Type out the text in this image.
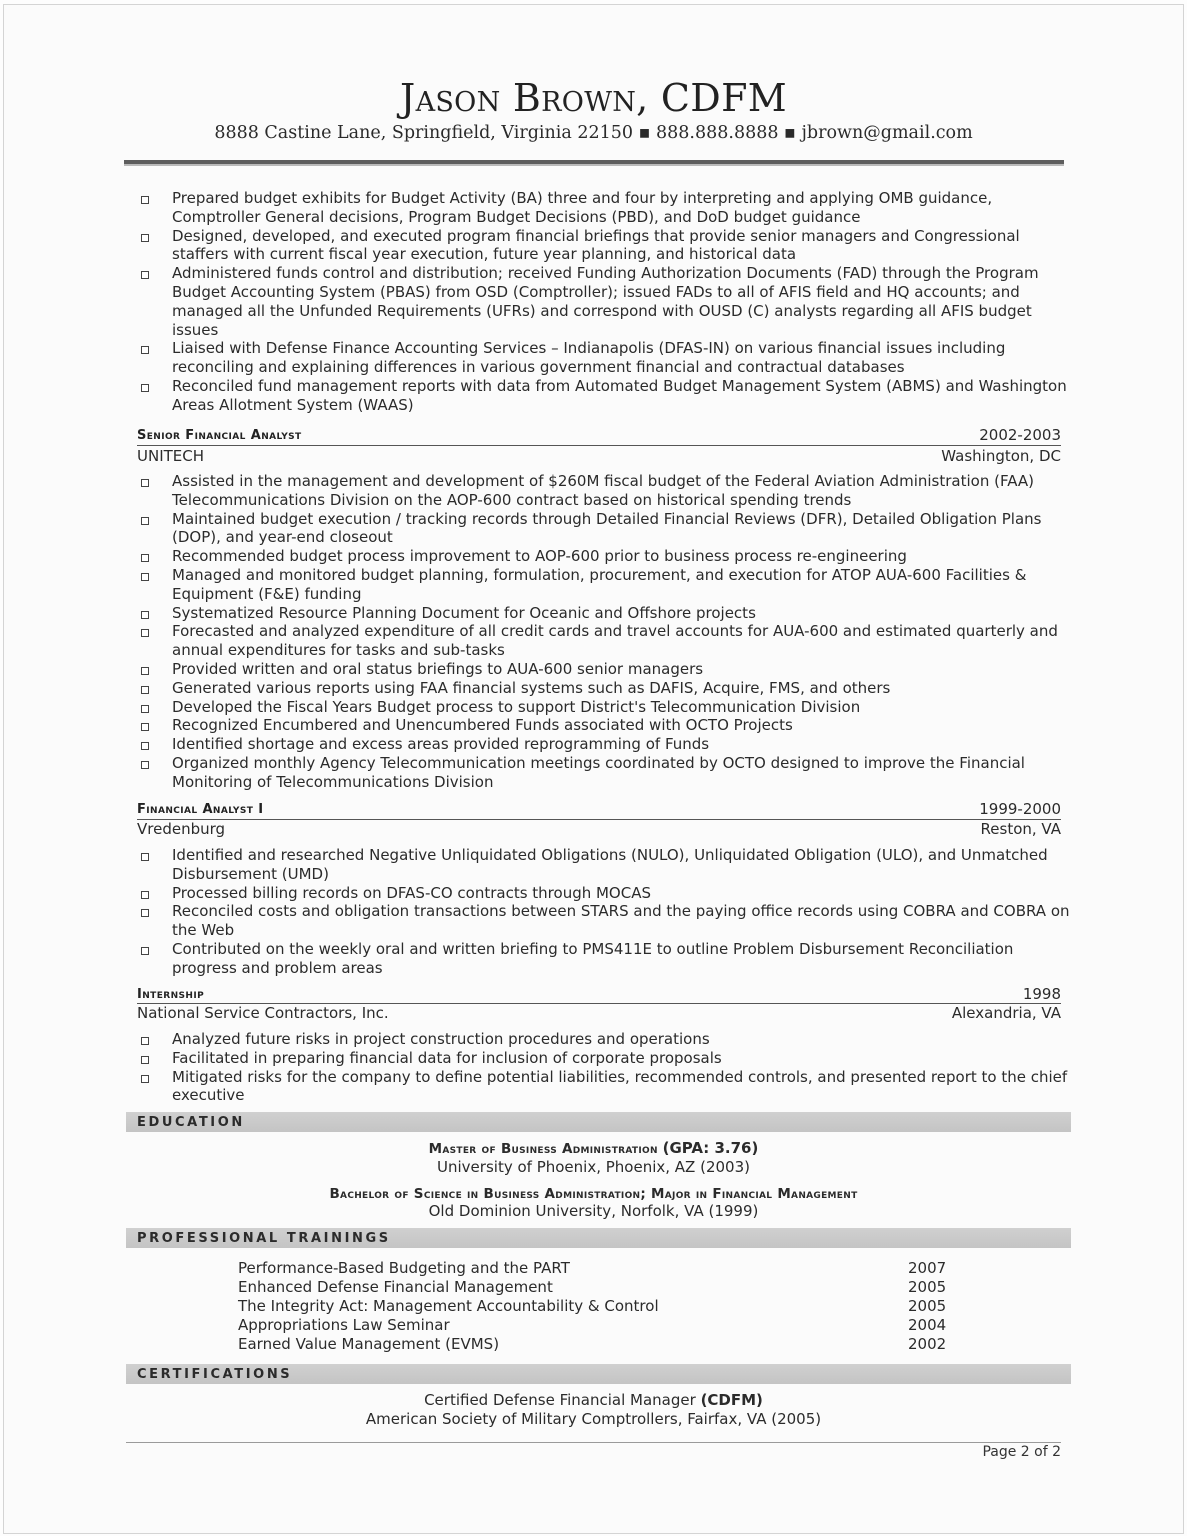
Jason Brown, CDFM
8888 Castine Lane, Springfield, Virginia 22150 ▪ 888.888.8888 ▪ jbrown@gmail.com
Prepared budget exhibits for Budget Activity (BA) three and four by interpreting and applying OMB guidance, Comptroller General decisions, Program Budget Decisions (PBD), and DoD budget guidance
Designed, developed, and executed program financial briefings that provide senior managers and Congressional staffers with current fiscal year execution, future year planning, and historical data
Administered funds control and distribution; received Funding Authorization Documents (FAD) through the Program Budget Accounting System (PBAS) from OSD (Comptroller); issued FADs to all of AFIS field and HQ accounts; and managed all the Unfunded Requirements (UFRs) and correspond with OUSD (C) analysts regarding all AFIS budget issues
Liaised with Defense Finance Accounting Services – Indianapolis (DFAS-IN) on various financial issues including reconciling and explaining differences in various government financial and contractual databases
Reconciled fund management reports with data from Automated Budget Management System (ABMS) and Washington Areas Allotment System (WAAS)
Senior Financial Analyst	2002-2003
UNITECH	Washington, DC
Assisted in the management and development of $260M fiscal budget of the Federal Aviation Administration (FAA) Telecommunications Division on the AOP-600 contract based on historical spending trends
Maintained budget execution / tracking records through Detailed Financial Reviews (DFR), Detailed Obligation Plans (DOP), and year-end closeout
Recommended budget process improvement to AOP-600 prior to business process re-engineering
Managed and monitored budget planning, formulation, procurement, and execution for ATOP AUA-600 Facilities & Equipment (F&E) funding
Systematized Resource Planning Document for Oceanic and Offshore projects
Forecasted and analyzed expenditure of all credit cards and travel accounts for AUA-600 and estimated quarterly and annual expenditures for tasks and sub-tasks
Provided written and oral status briefings to AUA-600 senior managers
Generated various reports using FAA financial systems such as DAFIS, Acquire, FMS, and others
Developed the Fiscal Years Budget process to support District's Telecommunication Division
Recognized Encumbered and Unencumbered Funds associated with OCTO Projects
Identified shortage and excess areas provided reprogramming of Funds
Organized monthly Agency Telecommunication meetings coordinated by OCTO designed to improve the Financial Monitoring of Telecommunications Division
Financial Analyst I	1999-2000
Vredenburg	Reston, VA
Identified and researched Negative Unliquidated Obligations (NULO), Unliquidated Obligation (ULO), and Unmatched Disbursement (UMD)
Processed billing records on DFAS-CO contracts through MOCAS
Reconciled costs and obligation transactions between STARS and the paying office records using COBRA and COBRA on the Web
Contributed on the weekly oral and written briefing to PMS411E to outline Problem Disbursement Reconciliation progress and problem areas
Internship	1998
National Service Contractors, Inc.	Alexandria, VA
Analyzed future risks in project construction procedures and operations
Facilitated in preparing financial data for inclusion of corporate proposals
Mitigated risks for the company to define potential liabilities, recommended controls, and presented report to the chief executive
EDUCATION
Master of Business Administration (GPA: 3.76)
University of Phoenix, Phoenix, AZ (2003)
Bachelor of Science in Business Administration; Major in Financial Management
Old Dominion University, Norfolk, VA (1999)
PROFESSIONAL TRAININGS
Performance-Based Budgeting and the PART	2007
Enhanced Defense Financial Management	2005
The Integrity Act: Management Accountability & Control	2005
Appropriations Law Seminar	2004
Earned Value Management (EVMS)	2002
CERTIFICATIONS
Certified Defense Financial Manager (CDFM)
American Society of Military Comptrollers, Fairfax, VA (2005)
Page 2 of 2
